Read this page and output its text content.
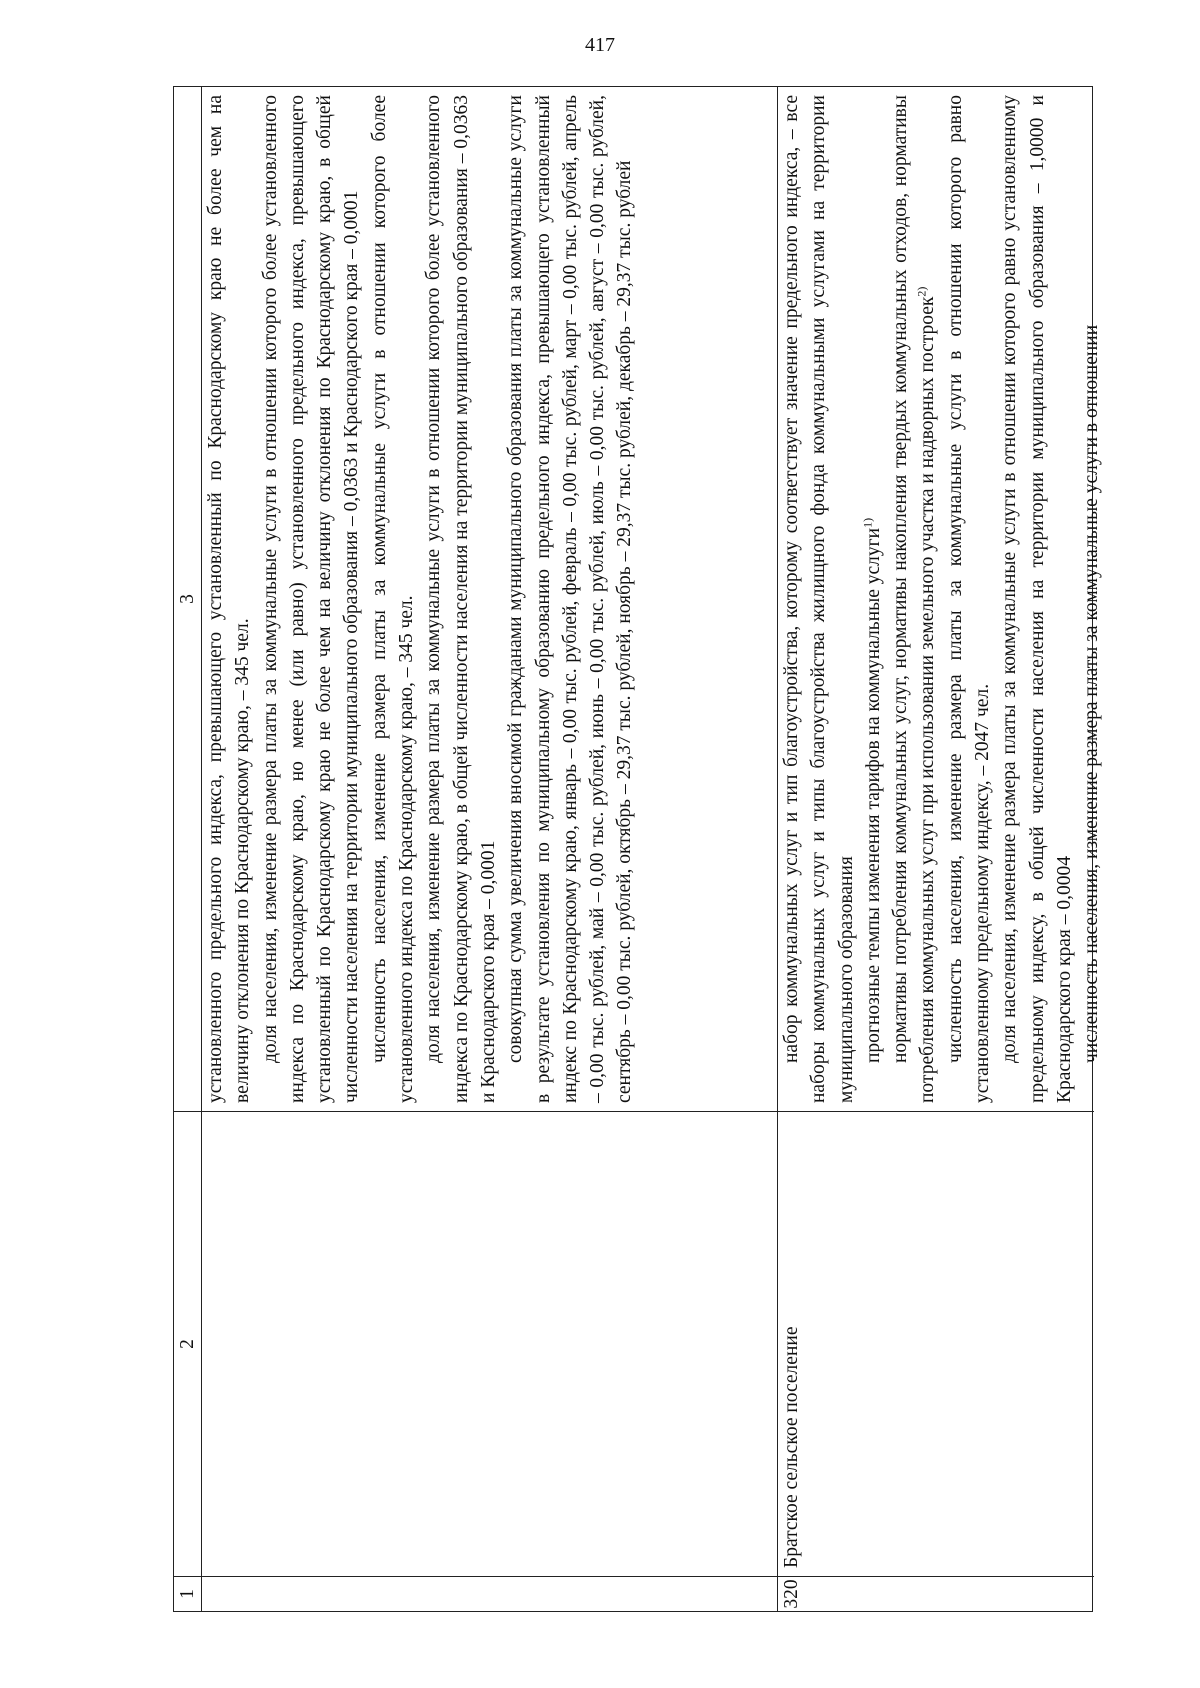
417
1
2
3 установленного предельного индекса, превышающего установленный по Краснодарскому краю не более чем на величину отклонения по Краснодарскому краю, – 345 чел. доля населения, изменение размера платы за коммунальные услуги в отношении которого более установленного индекса по Краснодарскому краю, но менее (или равно) установленного предельного индекса, превышающего установленный по Краснодарскому краю не более чем на величину отклонения по Краснодарскому краю, в общей численности населения на территории муниципального образования – 0,0363 и Краснодарского края – 0,0001 численность населения, изменение размера платы за коммунальные услуги в отношении которого более установленного индекса по Краснодарскому краю, – 345 чел. доля населения, изменение размера платы за коммунальные услуги в отношении которого более установленного индекса по Краснодарскому краю, в общей численности населения на территории муниципального образования – 0,0363 и Краснодарского края – 0,0001 совокупная сумма увеличения вносимой гражданами муниципального образования платы за коммунальные услуги в результате установления по муниципальному образованию предельного индекса, превышающего установленный индекс по Краснодарскому краю, январь – 0,00 тыс. рублей, февраль – 0,00 тыс. рублей, март – 0,00 тыс. рублей, апрель – 0,00 тыс. рублей, май – 0,00 тыс. рублей, июнь – 0,00 тыс. рублей, июль – 0,00 тыс. рублей, август – 0,00 тыс. рублей, сентябрь – 0,00 тыс. рублей, октябрь – 29,37 тыс. рублей, ноябрь – 29,37 тыс. рублей, декабрь – 29,37 тыс. рублей

320
Братское сельское поселение

набор коммунальных услуг и тип благоустройства, которому соответствует значение предельного индекса, – все наборы коммунальных услуг и типы благоустройства жилищного фонда коммунальными услугами на территории муниципального образования прогнозные темпы изменения тарифов на коммунальные услуги$^{1)}$ нормативы потребления коммунальных услуг, нормативы накопления твердых коммунальных отходов, нормативы потребления коммунальных услуг при использовании земельного участка и надворных построек$^{2)}$ численность населения, изменение размера платы за коммунальные услуги в отношении которого равно установленному предельному индексу, – 2047 чел. доля населения, изменение размера платы за коммунальные услуги в отношении которого равно установленному предельному индексу, в общей численности населения на территории муниципального образования – 1,0000 и Краснодарского края – 0,0004 численность населения, изменение размера платы за коммунальные услуги в отношении
